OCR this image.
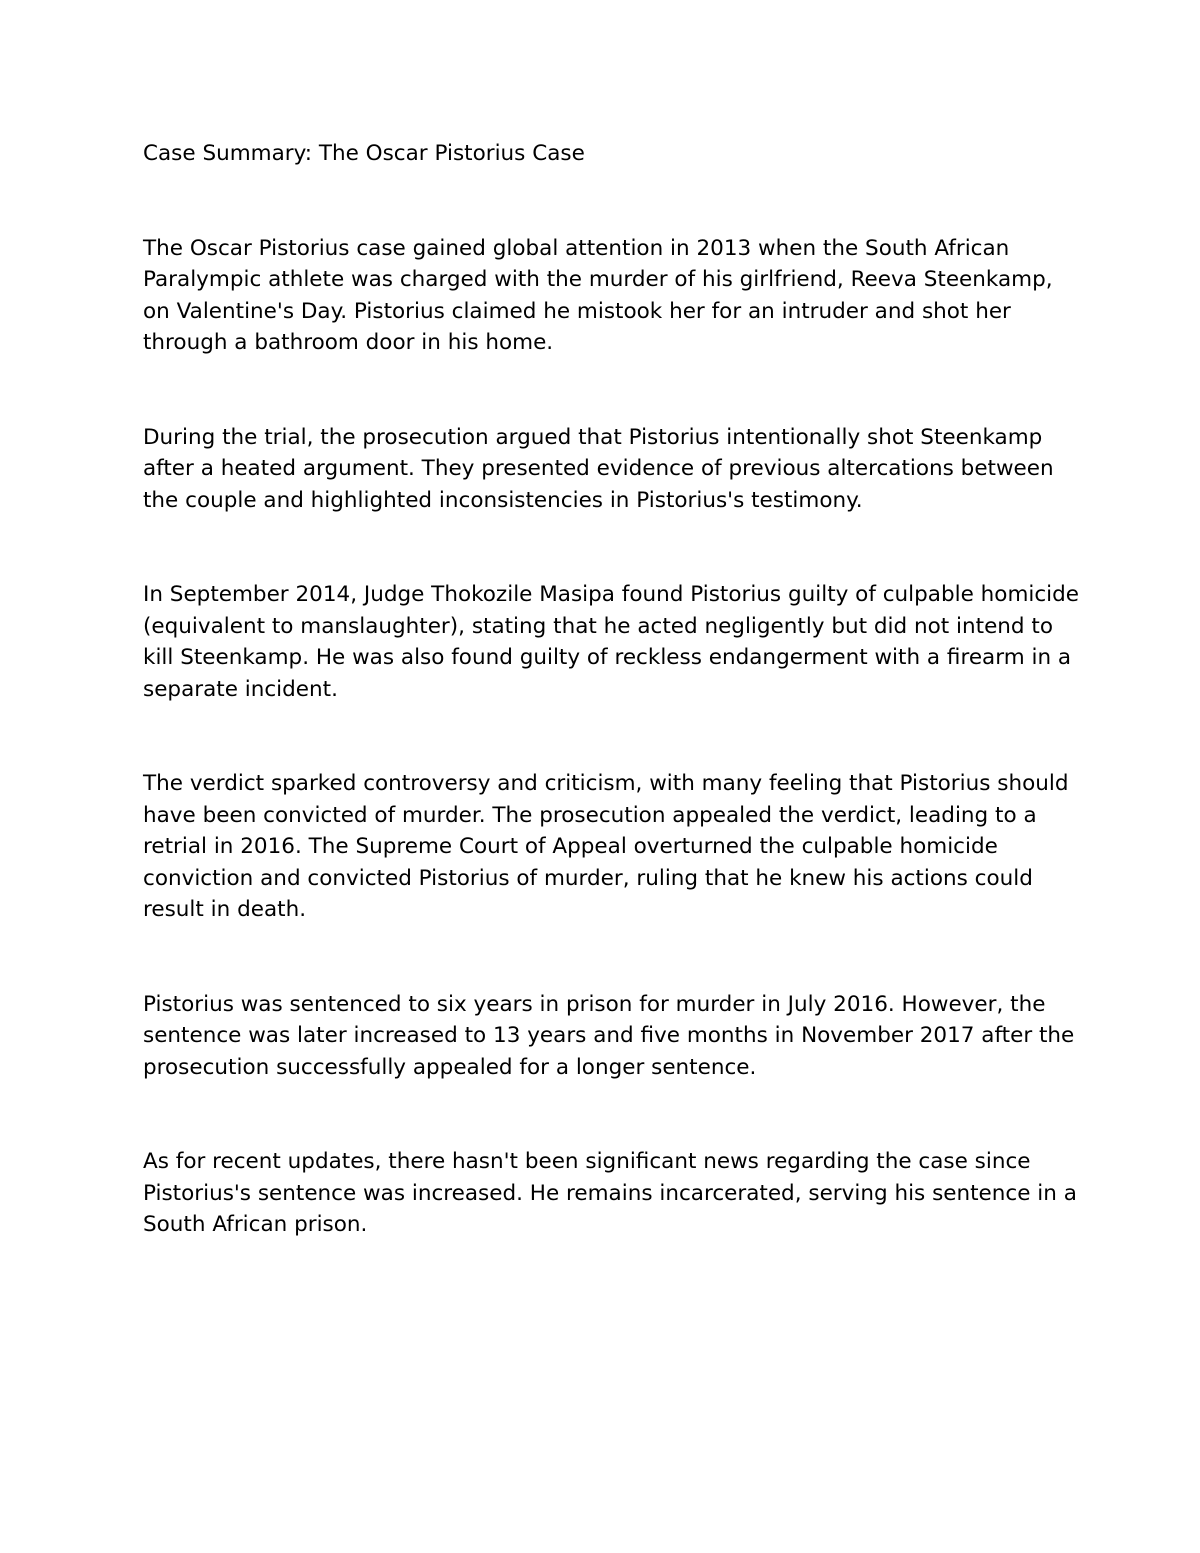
Case Summary: The Oscar Pistorius Case

The Oscar Pistorius case gained global attention in 2013 when the South African Paralympic athlete was charged with the murder of his girlfriend, Reeva Steenkamp, on Valentine's Day. Pistorius claimed he mistook her for an intruder and shot her through a bathroom door in his home.

During the trial, the prosecution argued that Pistorius intentionally shot Steenkamp after a heated argument. They presented evidence of previous altercations between the couple and highlighted inconsistencies in Pistorius's testimony.

In September 2014, Judge Thokozile Masipa found Pistorius guilty of culpable homicide (equivalent to manslaughter), stating that he acted negligently but did not intend to kill Steenkamp. He was also found guilty of reckless endangerment with a firearm in a separate incident.

The verdict sparked controversy and criticism, with many feeling that Pistorius should have been convicted of murder. The prosecution appealed the verdict, leading to a retrial in 2016. The Supreme Court of Appeal overturned the culpable homicide conviction and convicted Pistorius of murder, ruling that he knew his actions could result in death.

Pistorius was sentenced to six years in prison for murder in July 2016. However, the sentence was later increased to 13 years and five months in November 2017 after the prosecution successfully appealed for a longer sentence.

As for recent updates, there hasn't been significant news regarding the case since Pistorius's sentence was increased. He remains incarcerated, serving his sentence in a South African prison.
